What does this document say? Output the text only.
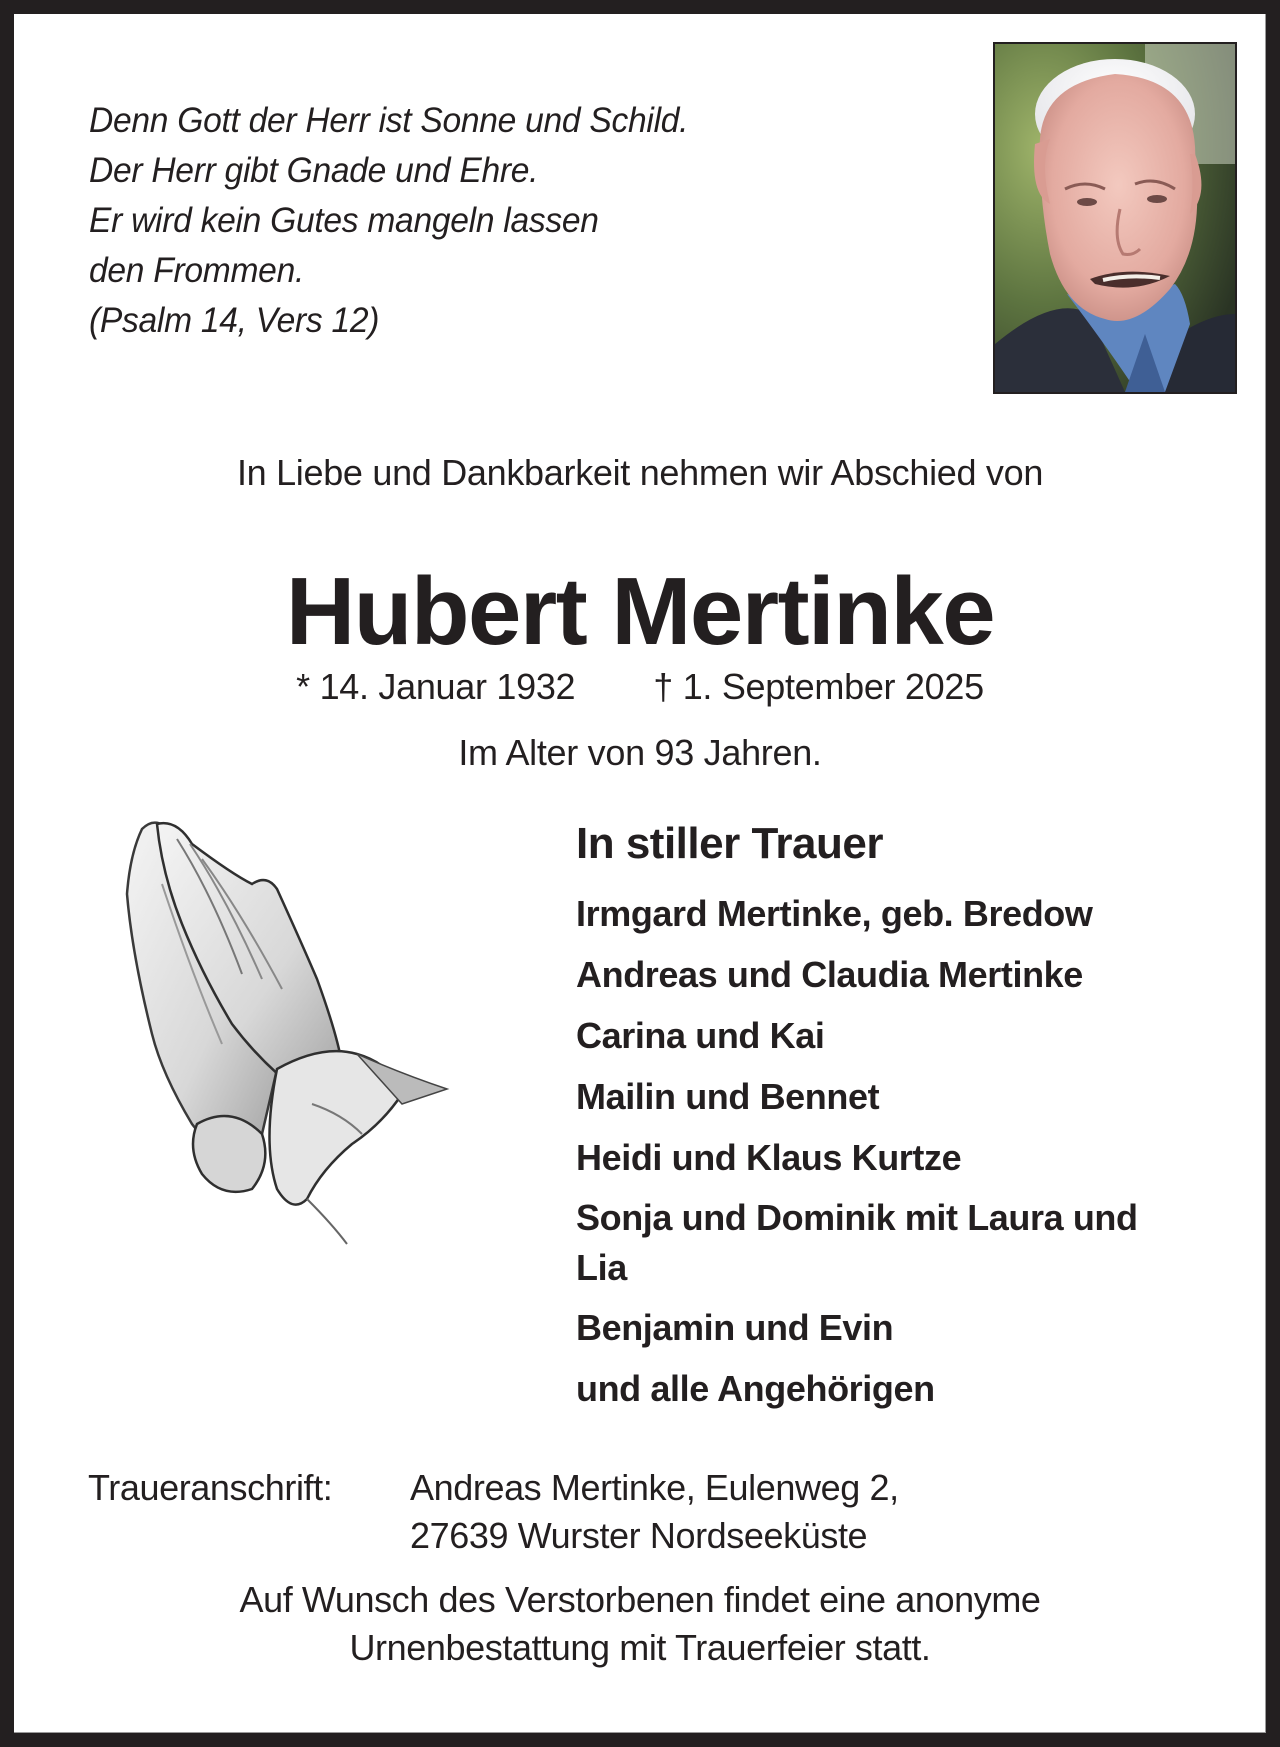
Denn Gott der Herr ist Sonne und Schild.
Der Herr gibt Gnade und Ehre.
Er wird kein Gutes mangeln lassen
den Frommen.
(Psalm 14, Vers 12)
In Liebe und Dankbarkeit nehmen wir Abschied von
Hubert Mertinke
* 14. Januar 1932 † 1. September 2025
Im Alter von 93 Jahren.
In stiller Trauer
Irmgard Mertinke, geb. Bredow
Andreas und Claudia Mertinke
Carina und Kai
Mailin und Bennet
Heidi und Klaus Kurtze
Sonja und Dominik mit Laura und Lia
Benjamin und Evin
und alle Angehörigen
Traueranschrift:	Andreas Mertinke, Eulenweg 2,
27639 Wurster Nordseeküste
Auf Wunsch des Verstorbenen findet eine anonyme
Urnenbestattung mit Trauerfeier statt.
